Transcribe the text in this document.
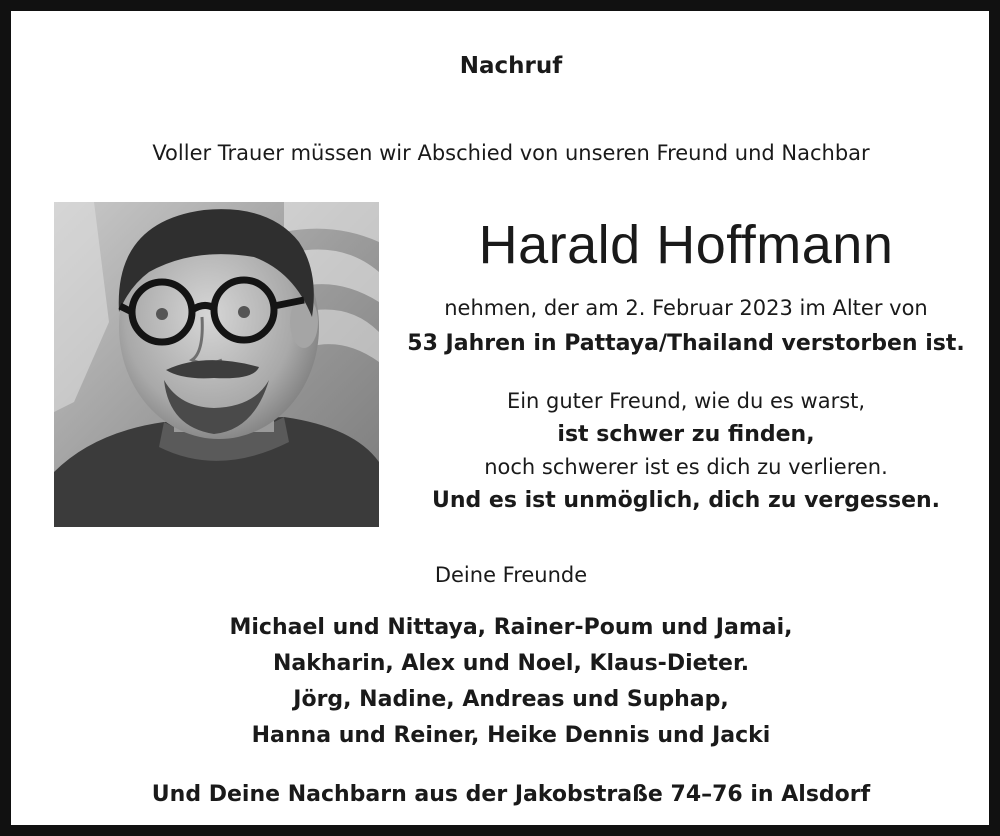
Nachruf
Voller Trauer müssen wir Abschied von unseren Freund und Nachbar
Harald Hoffmann
nehmen, der am 2. Februar 2023 im Alter von
53 Jahren in Pattaya/Thailand verstorben ist.
Ein guter Freund, wie du es warst,
ist schwer zu finden,
noch schwerer ist es dich zu verlieren.
Und es ist unmöglich, dich zu vergessen.
Deine Freunde
Michael und Nittaya, Rainer-Poum und Jamai,
Nakharin, Alex und Noel, Klaus-Dieter.
Jörg, Nadine, Andreas und Suphap,
Hanna und Reiner, Heike Dennis und Jacki
Und Deine Nachbarn aus der Jakobstraße 74–76 in Alsdorf
